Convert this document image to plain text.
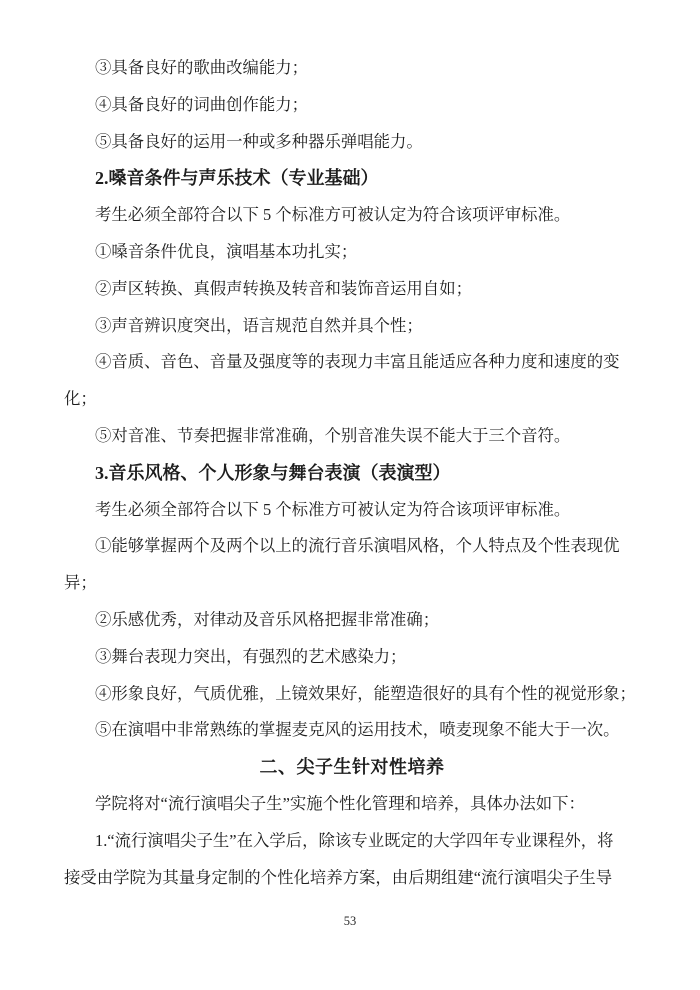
③具备良好的歌曲改编能力；
④具备良好的词曲创作能力；
⑤具备良好的运用一种或多种器乐弹唱能力。
2.嗓音条件与声乐技术（专业基础）
考生必须全部符合以下 5 个标准方可被认定为符合该项评审标准。
①嗓音条件优良，演唱基本功扎实；
②声区转换、真假声转换及转音和装饰音运用自如；
③声音辨识度突出，语言规范自然并具个性；
④音质、音色、音量及强度等的表现力丰富且能适应各种力度和速度的变
化；
⑤对音准、节奏把握非常准确，个别音准失误不能大于三个音符。
3.音乐风格、个人形象与舞台表演（表演型）
考生必须全部符合以下 5 个标准方可被认定为符合该项评审标准。
①能够掌握两个及两个以上的流行音乐演唱风格，个人特点及个性表现优
异；
②乐感优秀，对律动及音乐风格把握非常准确；
③舞台表现力突出，有强烈的艺术感染力；
④形象良好，气质优雅，上镜效果好，能塑造很好的具有个性的视觉形象；
⑤在演唱中非常熟练的掌握麦克风的运用技术，喷麦现象不能大于一次。
二、尖子生针对性培养
学院将对“流行演唱尖子生”实施个性化管理和培养，具体办法如下：
1.“流行演唱尖子生”在入学后，除该专业既定的大学四年专业课程外，将
接受由学院为其量身定制的个性化培养方案，由后期组建“流行演唱尖子生导
53
